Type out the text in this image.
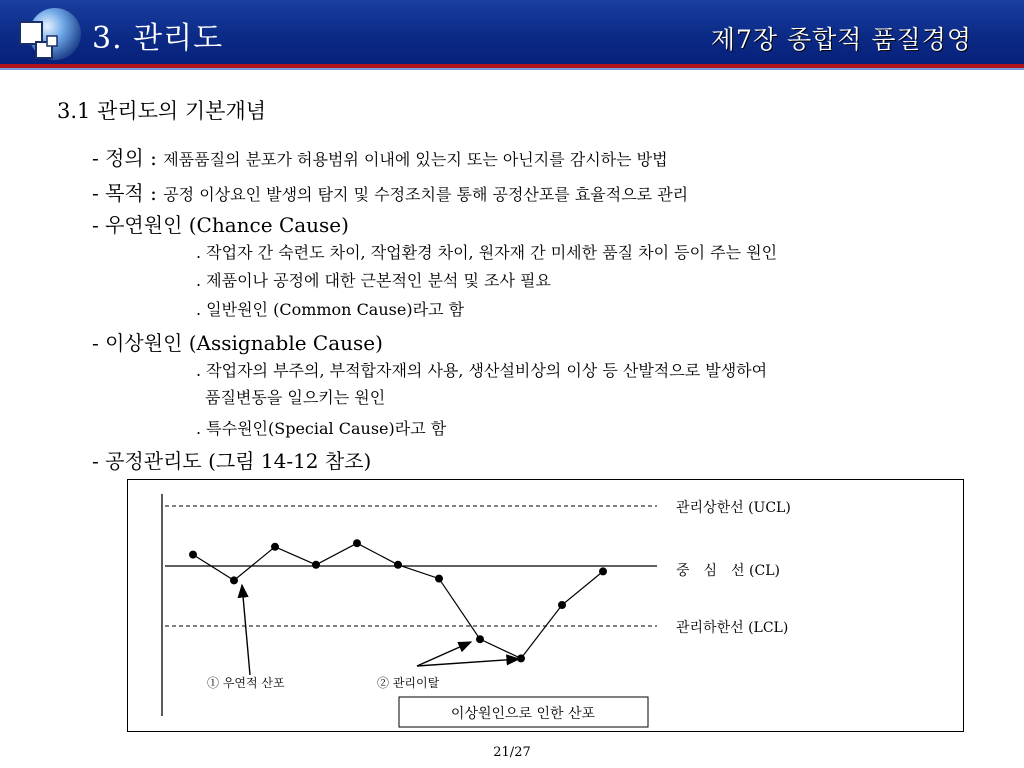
3. 관리도	제7장 종합적 품질경영
3.1 관리도의 기본개념
- 정의 : 제품품질의 분포가 허용범위 이내에 있는지 또는 아닌지를 감시하는 방법
- 목적 : 공정 이상요인 발생의 탐지 및 수정조치를 통해 공정산포를 효율적으로 관리
- 우연원인 (Chance Cause)
. 작업자 간 숙련도 차이, 작업환경 차이, 원자재 간 미세한 품질 차이 등이 주는 원인
. 제품이나 공정에 대한 근본적인 분석 및 조사 필요
. 일반원인 (Common Cause)라고 함
- 이상원인 (Assignable Cause)
. 작업자의 부주의, 부적합자재의 사용, 생산설비상의 이상 등 산발적으로 발생하여
품질변동을 일으키는 원인
. 특수원인(Special Cause)라고 함
- 공정관리도 (그림 14-12 참조)
관리상한선 (UCL)
중　심　선 (CL)
관리하한선 (LCL)
① 우연적 산포	② 관리이탈
이상원인으로 인한 산포
21/27
